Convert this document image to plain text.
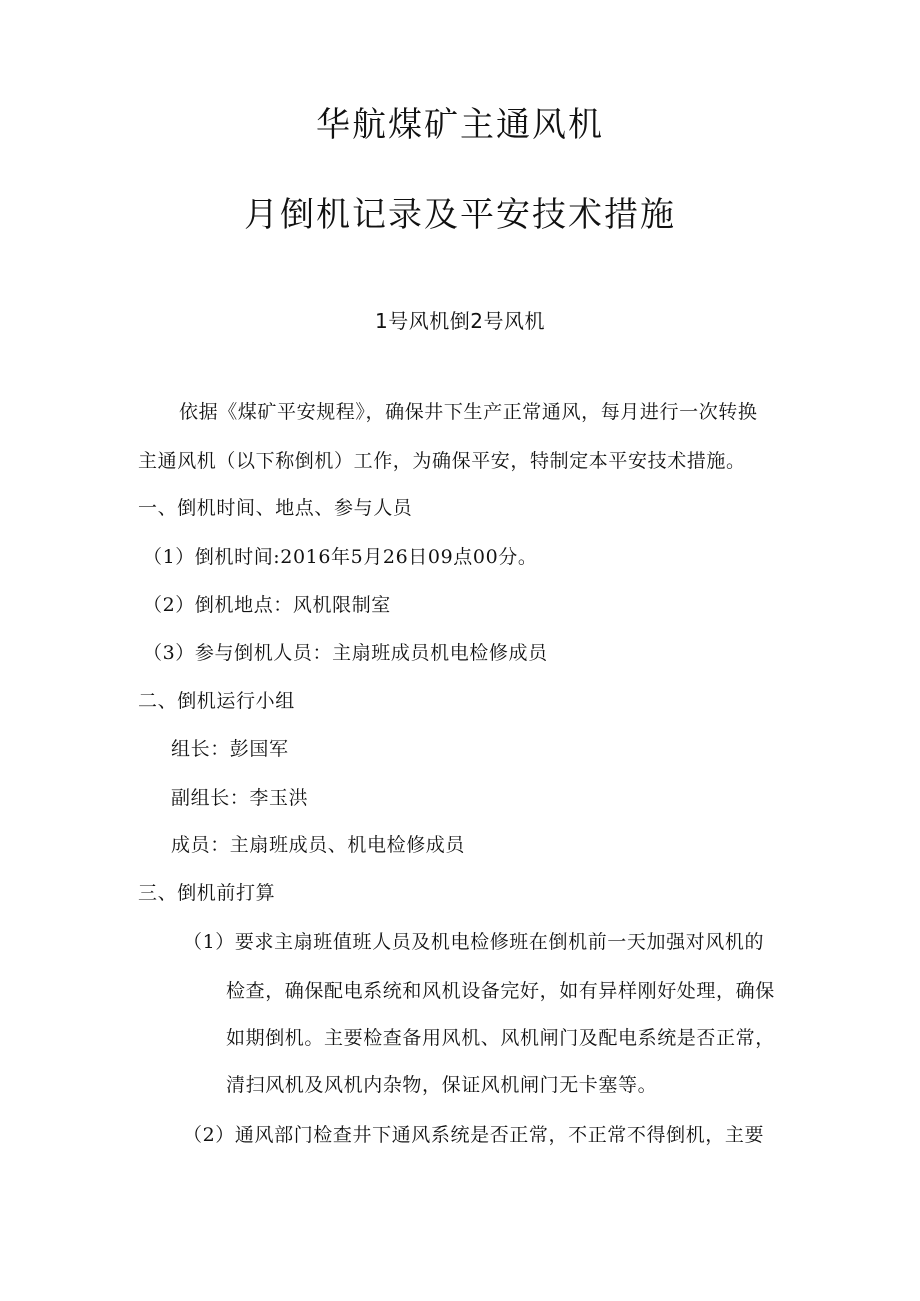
华航煤矿主通风机
月倒机记录及平安技术措施
1号风机倒2号风机
依据《煤矿平安规程》，确保井下生产正常通风，每月进行一次转换
主通风机（以下称倒机）工作，为确保平安，特制定本平安技术措施。
一、倒机时间、地点、参与人员
（1）倒机时间:2016年5月26日09点00分。
（2）倒机地点：风机限制室
（3）参与倒机人员：主扇班成员机电检修成员
二、倒机运行小组
组长：彭国军
副组长：李玉洪
成员：主扇班成员、机电检修成员
三、倒机前打算
（1）要求主扇班值班人员及机电检修班在倒机前一天加强对风机的
检查，确保配电系统和风机设备完好，如有异样刚好处理，确保
如期倒机。主要检查备用风机、风机闸门及配电系统是否正常，
清扫风机及风机内杂物，保证风机闸门无卡塞等。
（2）通风部门检查井下通风系统是否正常，不正常不得倒机，主要
